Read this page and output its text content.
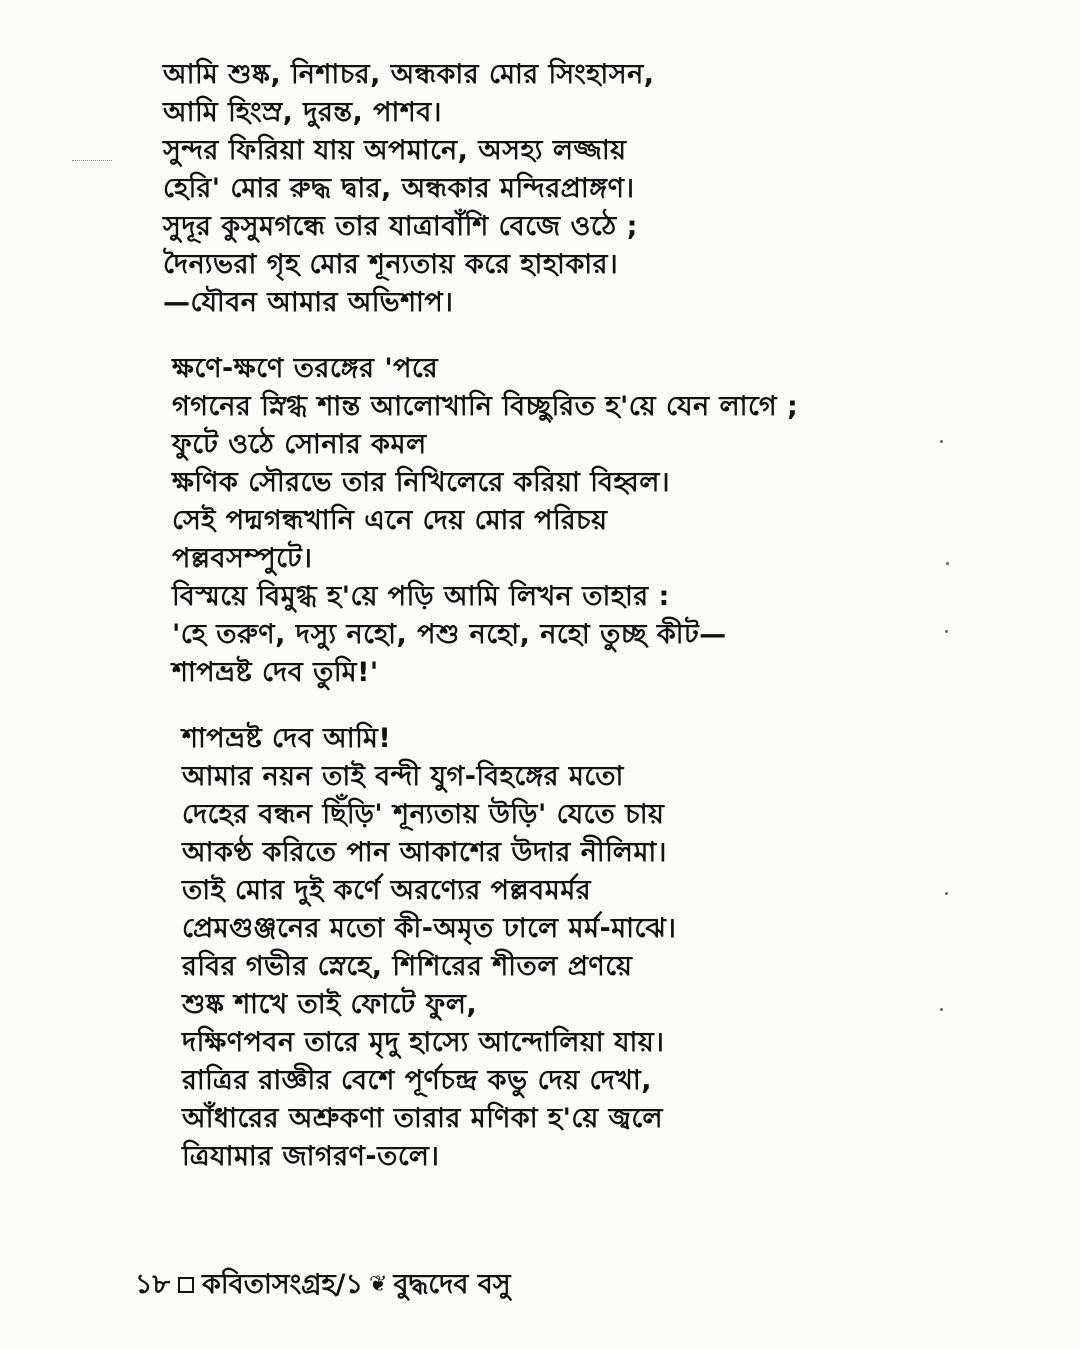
আমি শুষ্ক, নিশাচর, অন্ধকার মোর সিংহাসন,
আমি হিংস্র, দুরন্ত, পাশব।
সুন্দর ফিরিয়া যায় অপমানে, অসহ্য লজ্জায়
হেরি' মোর রুদ্ধ দ্বার, অন্ধকার মন্দিরপ্রাঙ্গণ।
সুদূর কুসুমগন্ধে তার যাত্রাবাঁশি বেজে ওঠে ;
দৈন্যভরা গৃহ মোর শূন্যতায় করে হাহাকার।
—যৌবন আমার অভিশাপ।
ক্ষণে-ক্ষণে তরঙ্গের 'পরে
গগনের স্নিগ্ধ শান্ত আলোখানি বিচ্ছুরিত হ'য়ে যেন লাগে ;
ফুটে ওঠে সোনার কমল
ক্ষণিক সৌরভে তার নিখিলেরে করিয়া বিহ্বল।
সেই পদ্মগন্ধখানি এনে দেয় মোর পরিচয়
পল্লবসম্পুটে।
বিস্ময়ে বিমুগ্ধ হ'য়ে পড়ি আমি লিখন তাহার :
'হে তরুণ, দস্যু নহো, পশু নহো, নহো তুচ্ছ কীট—
শাপভ্রষ্ট দেব তুমি!'
শাপভ্রষ্ট দেব আমি!
আমার নয়ন তাই বন্দী যুগ-বিহঙ্গের মতো
দেহের বন্ধন ছিঁড়ি' শূন্যতায় উড়ি' যেতে চায়
আকণ্ঠ করিতে পান আকাশের উদার নীলিমা।
তাই মোর দুই কর্ণে অরণ্যের পল্লবমর্মর
প্রেমগুঞ্জনের মতো কী-অমৃত ঢালে মর্ম-মাঝে।
রবির গভীর স্নেহে, শিশিরের শীতল প্রণয়ে
শুষ্ক শাখে তাই ফোটে ফুল,
দক্ষিণপবন তারে মৃদু হাস্যে আন্দোলিয়া যায়।
রাত্রির রাজ্ঞীর বেশে পূর্ণচন্দ্র কভু দেয় দেখা,
আঁধারের অশ্রুকণা তারার মণিকা হ'য়ে জ্বলে
ত্রিযামার জাগরণ-তলে।
১৮ কবিতাসংগ্রহ/১ ❦ বুদ্ধদেব বসু
